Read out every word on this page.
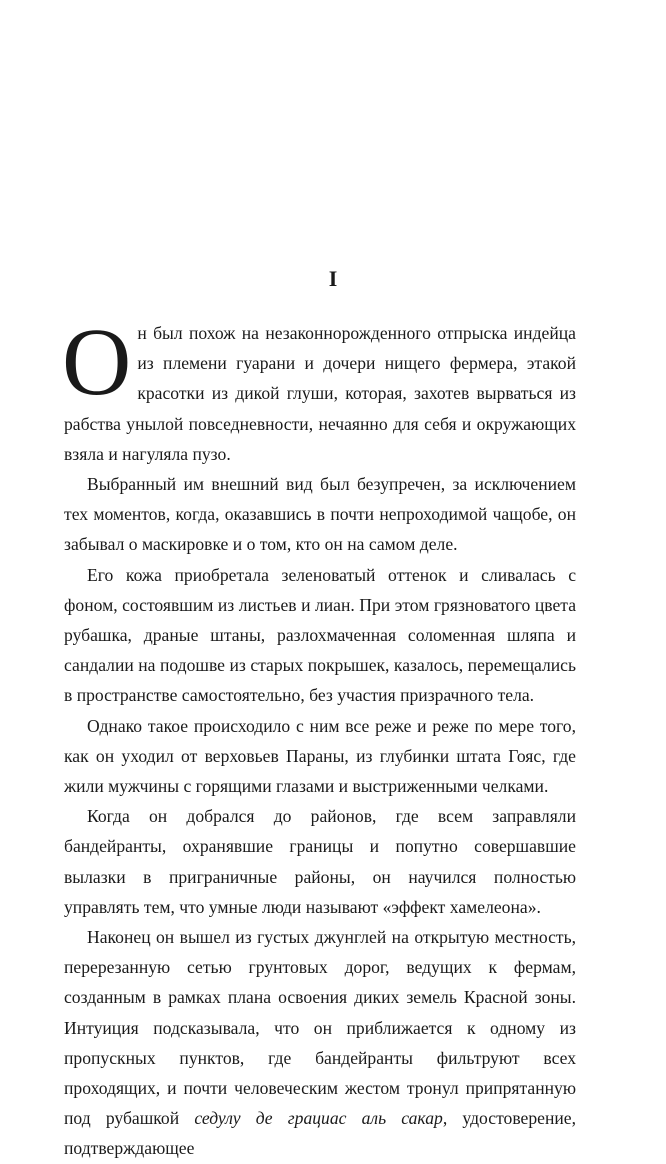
I

Он был похож на незаконнорожденного отпрыска индейца из племени гуарани и дочери нищего фермера, этакой красотки из дикой глуши, которая, захотев вырваться из рабства унылой повседневности, нечаянно для себя и окружающих взяла и нагуляла пузо.

Выбранный им внешний вид был безупречен, за исключением тех моментов, когда, оказавшись в почти непроходимой чащобе, он забывал о маскировке и о том, кто он на самом деле.

Его кожа приобретала зеленоватый оттенок и сливалась с фоном, состоявшим из листьев и лиан. При этом грязноватого цвета рубашка, драные штаны, разлохмаченная соломенная шляпа и сандалии на подошве из старых покрышек, казалось, перемещались в пространстве самостоятельно, без участия призрачного тела.

Однако такое происходило с ним все реже и реже по мере того, как он уходил от верховьев Параны, из глубинки штата Гояс, где жили мужчины с горящими глазами и выстриженными челками.

Когда он добрался до районов, где всем заправляли бандейранты, охранявшие границы и попутно совершавшие вылазки в приграничные районы, он научился полностью управлять тем, что умные люди называют «эффект хамелеона».

Наконец он вышел из густых джунглей на открытую местность, перерезанную сетью грунтовых дорог, ведущих к фермам, созданным в рамках плана освоения диких земель Красной зоны. Интуиция подсказывала, что он приближается к одному из пропускных пунктов, где бандейранты фильтруют всех проходящих, и почти человеческим жестом тронул припрятанную под рубашкой седулу де грациас аль сакар, удостоверение, подтверждающее
